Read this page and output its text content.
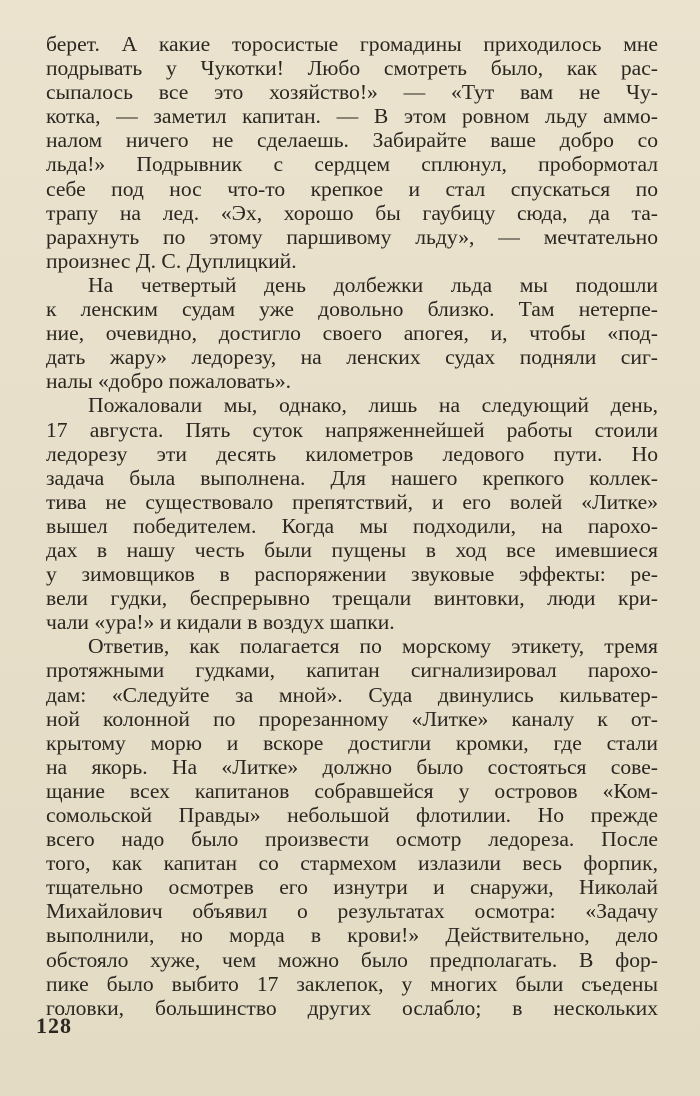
берет. А какие торосистые громадины приходилось мне
подрывать у Чукотки! Любо смотреть было, как рас-
сыпалось все это хозяйство!» — «Тут вам не Чу-
котка, — заметил капитан. — В этом ровном льду аммо-
налом ничего не сделаешь. Забирайте ваше добро со
льда!» Подрывник с сердцем сплюнул, пробормотал
себе под нос что-то крепкое и стал спускаться по
трапу на лед. «Эх, хорошо бы гаубицу сюда, да та-
рарахнуть по этому паршивому льду», — мечтательно
произнес Д. С. Дуплицкий.
На четвертый день долбежки льда мы подошли
к ленским судам уже довольно близко. Там нетерпе-
ние, очевидно, достигло своего апогея, и, чтобы «под-
дать жару» ледорезу, на ленских судах подняли сиг-
налы «добро пожаловать».
Пожаловали мы, однако, лишь на следующий день,
17 августа. Пять суток напряженнейшей работы стоили
ледорезу эти десять километров ледового пути. Но
задача была выполнена. Для нашего крепкого коллек-
тива не существовало препятствий, и его волей «Литке»
вышел победителем. Когда мы подходили, на парохо-
дах в нашу честь были пущены в ход все имевшиеся
у зимовщиков в распоряжении звуковые эффекты: ре-
вели гудки, беспрерывно трещали винтовки, люди кри-
чали «ура!» и кидали в воздух шапки.
Ответив, как полагается по морскому этикету, тремя
протяжными гудками, капитан сигнализировал парохо-
дам: «Следуйте за мной». Суда двинулись кильватер-
ной колонной по прорезанному «Литке» каналу к от-
крытому морю и вскоре достигли кромки, где стали
на якорь. На «Литке» должно было состояться сове-
щание всех капитанов собравшейся у островов «Ком-
сомольской Правды» небольшой флотилии. Но прежде
всего надо было произвести осмотр ледореза. После
того, как капитан со стармехом излазили весь форпик,
тщательно осмотрев его изнутри и снаружи, Николай
Михайлович объявил о результатах осмотра: «Задачу
выполнили, но морда в крови!» Действительно, дело
обстояло хуже, чем можно было предполагать. В фор-
пике было выбито 17 заклепок, у многих были съедены
головки, большинство других ослабло; в нескольких
128
